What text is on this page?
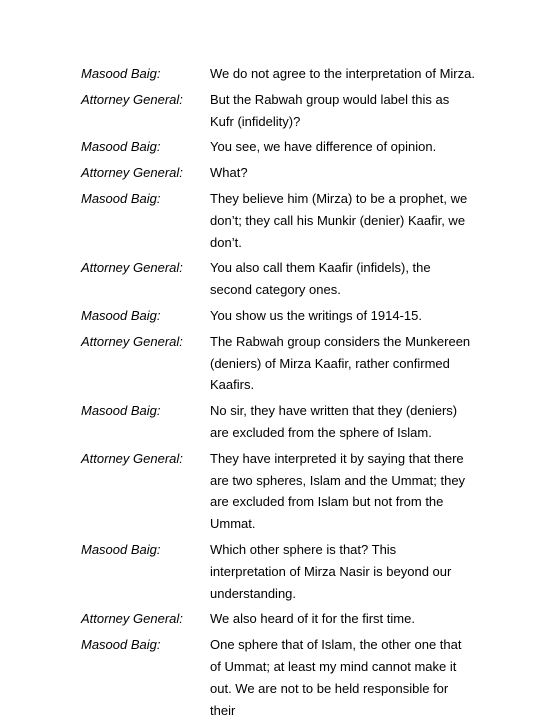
Masood Baig:	We do not agree to the interpretation of Mirza.
Attorney General:	But the Rabwah group would label this as Kufr (infidelity)?
Masood Baig:	You see, we have difference of opinion.
Attorney General:	What?
Masood Baig:	They believe him (Mirza) to be a prophet, we don’t; they call his Munkir (denier) Kaafir, we don’t.
Attorney General:	You also call them Kaafir (infidels), the second category ones.
Masood Baig:	You show us the writings of 1914-15.
Attorney General:	The Rabwah group considers the Munkereen (deniers) of Mirza Kaafir, rather confirmed Kaafirs.
Masood Baig:	No sir, they have written that they (deniers) are excluded from the sphere of Islam.
Attorney General:	They have interpreted it by saying that there are two spheres, Islam and the Ummat; they are excluded from Islam but not from the Ummat.
Masood Baig:	Which other sphere is that? This interpretation of Mirza Nasir is beyond our understanding.
Attorney General:	We also heard of it for the first time.
Masood Baig:	One sphere that of Islam, the other one that of Ummat; at least my mind cannot make it out. We are not to be held responsible for their
